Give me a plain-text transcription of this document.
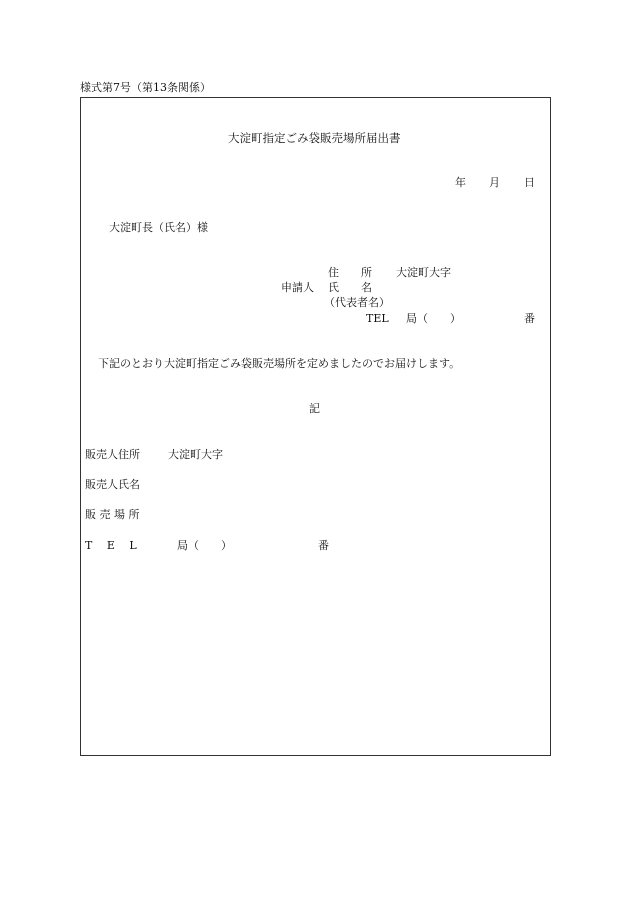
様式第7号（第13条関係）
大淀町指定ごみ袋販売場所届出書
年 月 日
大淀町長（氏名）様
住　　所 大淀町大字
申請人 氏　　名
（代表者名）
TEL 局（　　）	番
下記のとおり大淀町指定ごみ袋販売場所を定めましたのでお届けします。
記
販売人住所	大淀町大字
販売人氏名
販 売 場 所
T　 E　 L	局（　　）	番
